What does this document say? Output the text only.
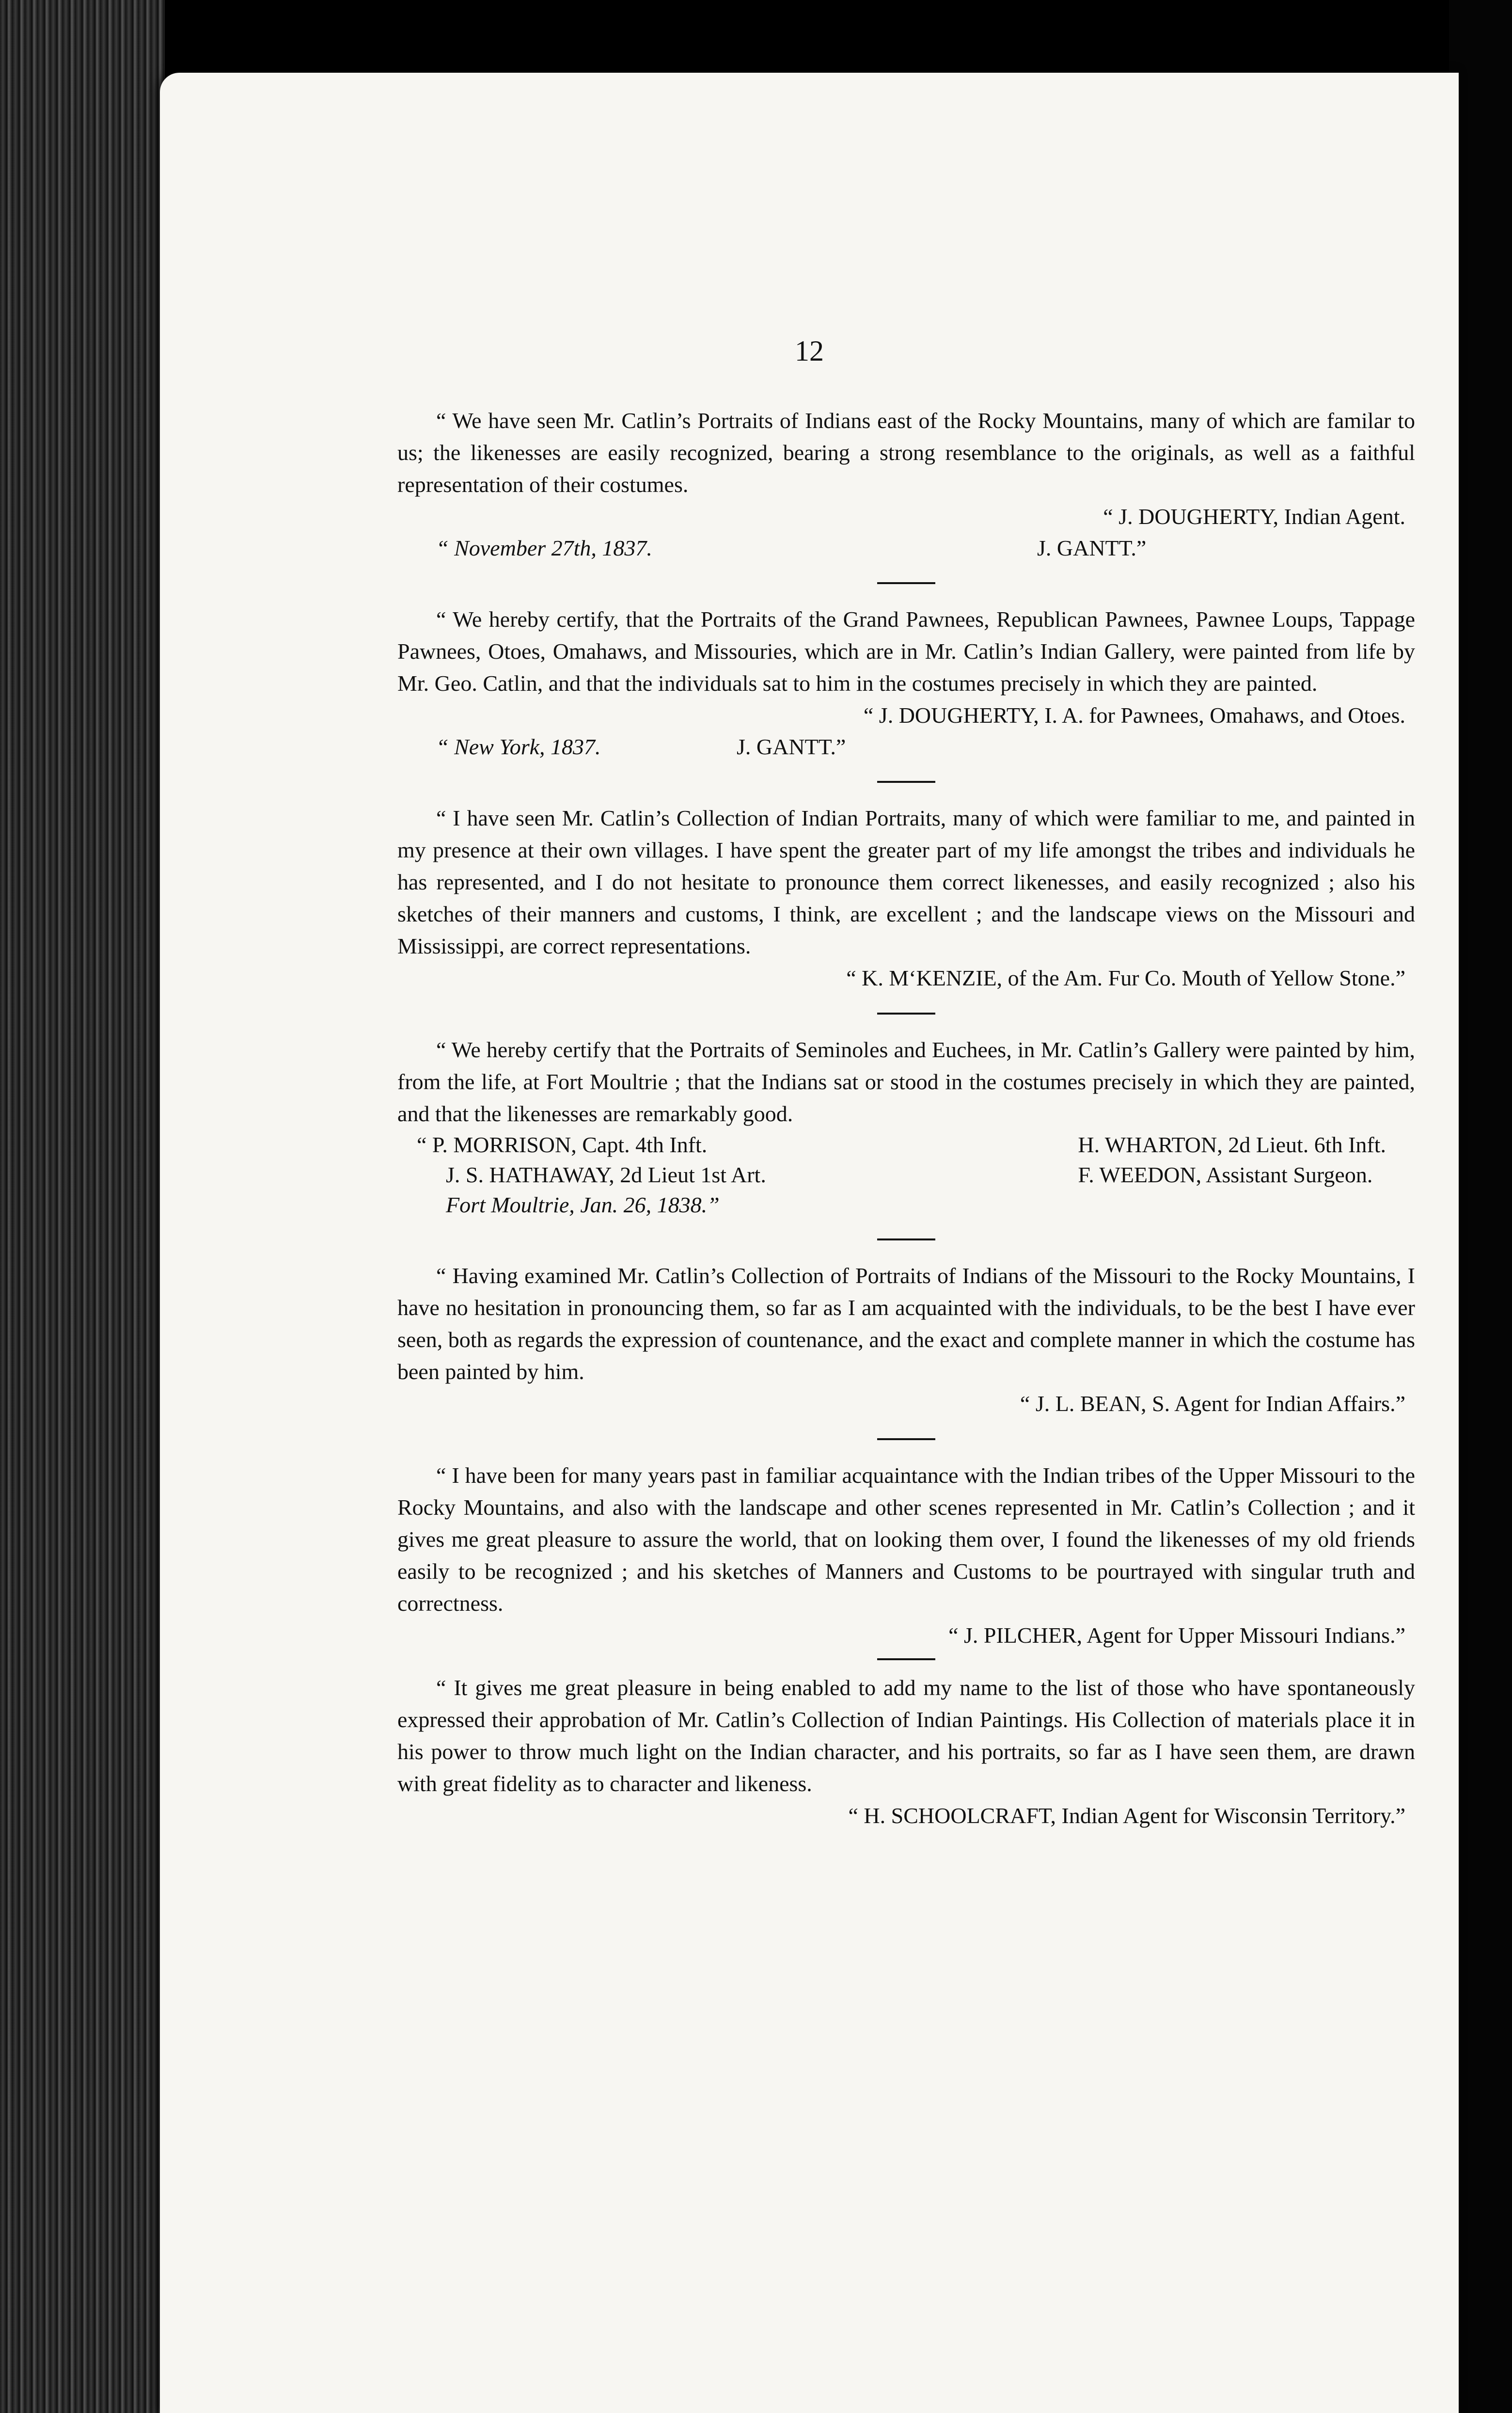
12

“ We have seen Mr. Catlin’s Portraits of Indians east of the Rocky Mountains, many of which are familar to us; the likenesses are easily recognized, bearing a strong resemblance to the originals, as well as a faithful representation of their costumes.

“ J. DOUGHERTY, Indian Agent.
“ November 27th, 1837.	J. GANTT.”

“ We hereby certify, that the Portraits of the Grand Pawnees, Republican Pawnees, Pawnee Loups, Tappage Pawnees, Otoes, Omahaws, and Missouries, which are in Mr. Catlin’s Indian Gallery, were painted from life by Mr. Geo. Catlin, and that the individuals sat to him in the costumes precisely in which they are painted.

“ J. DOUGHERTY, I. A. for Pawnees, Omahaws, and Otoes.
“ New York, 1837.	J. GANTT.”

“ I have seen Mr. Catlin’s Collection of Indian Portraits, many of which were familiar to me, and painted in my presence at their own villages. I have spent the greater part of my life amongst the tribes and individuals he has represented, and I do not hesitate to pronounce them correct likenesses, and easily recognized ; also his sketches of their manners and customs, I think, are excellent ; and the landscape views on the Missouri and Mississippi, are correct representations.

“ K. M‘KENZIE, of the Am. Fur Co. Mouth of Yellow Stone.”

“ We hereby certify that the Portraits of Seminoles and Euchees, in Mr. Catlin’s Gallery were painted by him, from the life, at Fort Moultrie ; that the Indians sat or stood in the costumes precisely in which they are painted, and that the likenesses are remarkably good.

“ P. MORRISON, Capt. 4th Inft.
J. S. HATHAWAY, 2d Lieut 1st Art.
Fort Moultrie, Jan. 26, 1838.”
H. WHARTON, 2d Lieut. 6th Inft.
F. WEEDON, Assistant Surgeon.

“ Having examined Mr. Catlin’s Collection of Portraits of Indians of the Missouri to the Rocky Mountains, I have no hesitation in pronouncing them, so far as I am acquainted with the individuals, to be the best I have ever seen, both as regards the expression of countenance, and the exact and complete manner in which the costume has been painted by him.

“ J. L. BEAN, S. Agent for Indian Affairs.”

“ I have been for many years past in familiar acquaintance with the Indian tribes of the Upper Missouri to the Rocky Mountains, and also with the landscape and other scenes represented in Mr. Catlin’s Collection ; and it gives me great pleasure to assure the world, that on looking them over, I found the likenesses of my old friends easily to be recognized ; and his sketches of Manners and Customs to be pourtrayed with singular truth and correctness.

“ J. PILCHER, Agent for Upper Missouri Indians.”

“ It gives me great pleasure in being enabled to add my name to the list of those who have spontaneously expressed their approbation of Mr. Catlin’s Collection of Indian Paintings. His Collection of materials place it in his power to throw much light on the Indian character, and his portraits, so far as I have seen them, are drawn with great fidelity as to character and likeness.

“ H. SCHOOLCRAFT, Indian Agent for Wisconsin Territory.”
